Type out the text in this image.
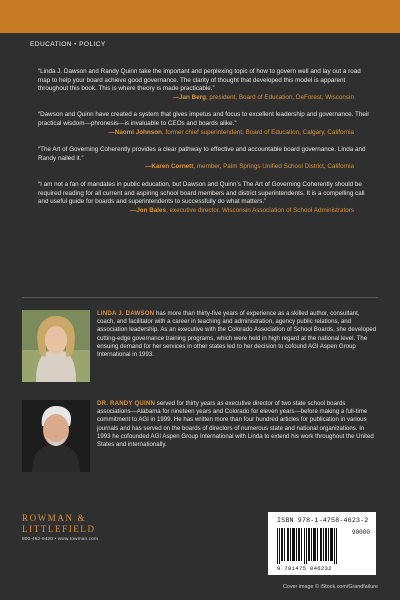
EDUCATION • POLICY
“Linda J. Dawson and Randy Quinn take the important and perplexing topic of how to govern well and lay out a road map to help your board achieve good governance. The clarity of thought that developed this model is apparent throughout this book. This is where theory is made practicable.”
—Jan Berg, president, Board of Education, DeForest, Wisconsin
“Dawson and Quinn have created a system that gives impetus and focus to excellent leadership and governance. Their practical wisdom—phronesis—is invaluable to CEOs and boards alike.”
—Naomi Johnson, former chief superintendent, Board of Education, Calgary, California
“The Art of Governing Coherently provides a clear pathway to effective and accountable board governance. Linda and Randy nailed it.”
—Karen Cornett, member, Palm Springs Unified School District, California
“I am not a fan of mandates in public education, but Dawson and Quinn’s The Art of Governing Coherently should be required reading for all current and aspiring school board members and district superintendents. It is a compelling call and useful guide for boards and superintendents to successfully do what matters.”
—Jon Bales, executive director, Wisconsin Association of School Administrators
LINDA J. DAWSON has more than thirty-five years of experience as a skilled author, consultant, coach, and facilitator with a career in teaching and administration, agency public relations, and association leadership. As an executive with the Colorado Association of School Boards, she developed cutting-edge governance training programs, which were held in high regard at the national level. The ensuing demand for her services in other states led to her decision to cofound AGI Aspen Group International in 1993.
DR. RANDY QUINN served for thirty years as executive director of two state school boards associations—Alabama for nineteen years and Colorado for eleven years—before making a full-time commitment to AGI in 1999. He has written more than four hundred articles for publication in various journals and has served on the boards of directors of numerous state and national organizations. In 1993 he cofounded AGI Aspen Group International with Linda to extend his work throughout the United States and internationally.
ROWMAN &
LITTLEFIELD
800-462-6420 • www.rowman.com
ISBN 978-1-4758-4623-2
90000
9 781475 846232
Cover image © iStock.com/Grandfailure
